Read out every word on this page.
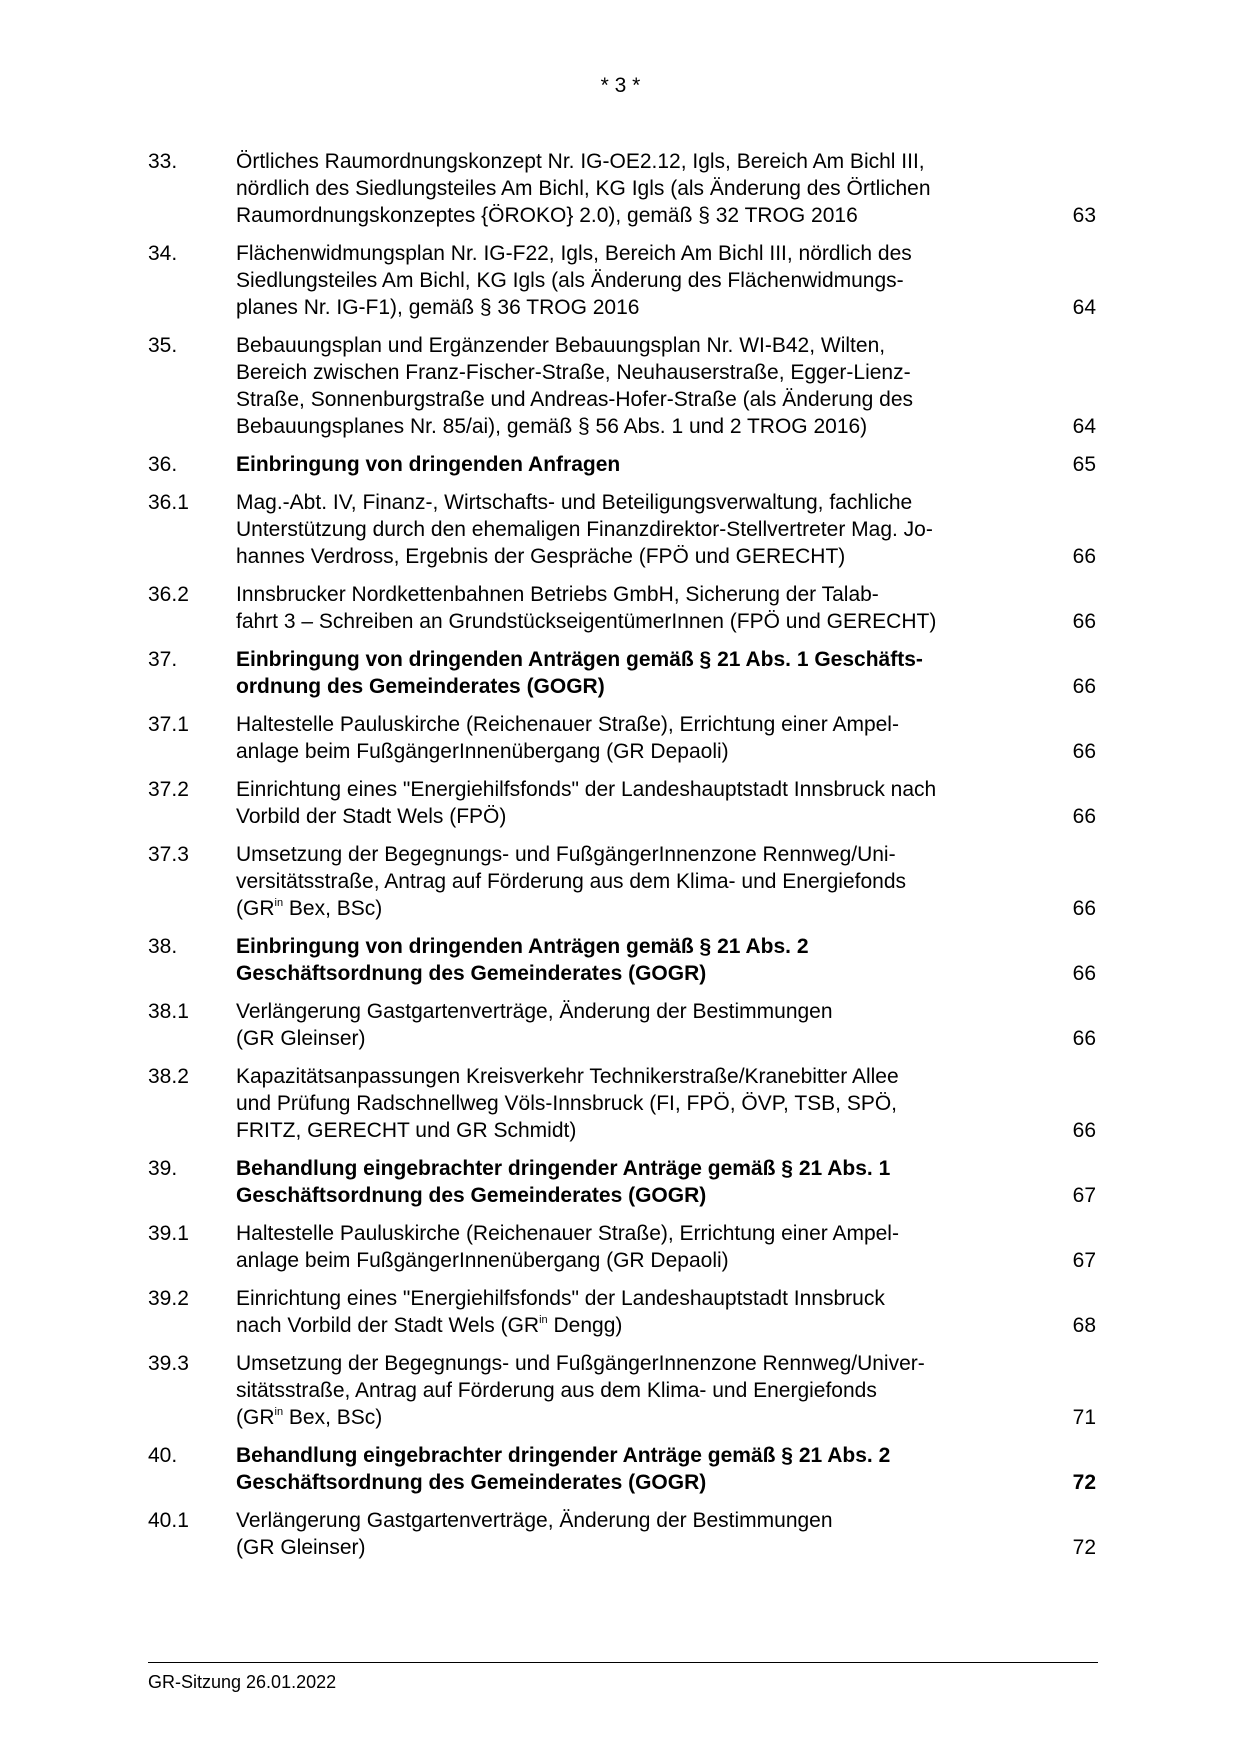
* 3 *
33.	Örtliches Raumordnungskonzept Nr. IG-OE2.12, Igls, Bereich Am Bichl III,
nördlich des Siedlungsteiles Am Bichl, KG Igls (als Änderung des Örtlichen
Raumordnungskonzeptes {ÖROKO} 2.0), gemäß § 32 TROG 2016	63
34.	Flächenwidmungsplan Nr. IG-F22, Igls, Bereich Am Bichl III, nördlich des
Siedlungsteiles Am Bichl, KG Igls (als Änderung des Flächenwidmungs-
planes Nr. IG-F1), gemäß § 36 TROG 2016	64
35.	Bebauungsplan und Ergänzender Bebauungsplan Nr. WI-B42, Wilten,
Bereich zwischen Franz-Fischer-Straße, Neuhauserstraße, Egger-Lienz-
Straße, Sonnenburgstraße und Andreas-Hofer-Straße (als Änderung des
Bebauungsplanes Nr. 85/ai), gemäß § 56 Abs. 1 und 2 TROG 2016)	64
36.	Einbringung von dringenden Anfragen	65
36.1 Mag.-Abt. IV, Finanz-, Wirtschafts- und Beteiligungsverwaltung, fachliche
Unterstützung durch den ehemaligen Finanzdirektor-Stellvertreter Mag. Jo-
hannes Verdross, Ergebnis der Gespräche (FPÖ und GERECHT)	66
36.2 Innsbrucker Nordkettenbahnen Betriebs GmbH, Sicherung der Talab-
fahrt 3 – Schreiben an GrundstückseigentümerInnen (FPÖ und GERECHT)	66
37.	Einbringung von dringenden Anträgen gemäß § 21 Abs. 1 Geschäfts-
ordnung des Gemeinderates (GOGR)	66
37.1 Haltestelle Pauluskirche (Reichenauer Straße), Errichtung einer Ampel-
anlage beim FußgängerInnenübergang (GR Depaoli)	66
37.2 Einrichtung eines "Energiehilfsfonds" der Landeshauptstadt Innsbruck nach
Vorbild der Stadt Wels (FPÖ)	66
37.3 Umsetzung der Begegnungs- und FußgängerInnenzone Rennweg/Uni-
versitätsstraße, Antrag auf Förderung aus dem Klima- und Energiefonds
($GR^{in}$ Bex, BSc)	66
38.	Einbringung von dringenden Anträgen gemäß § 21 Abs. 2
Geschäftsordnung des Gemeinderates (GOGR)	66
38.1 Verlängerung Gastgartenverträge, Änderung der Bestimmungen
(GR Gleinser)	66
38.2 Kapazitätsanpassungen Kreisverkehr Technikerstraße/Kranebitter Allee
und Prüfung Radschnellweg Völs-Innsbruck (FI, FPÖ, ÖVP, TSB, SPÖ,
FRITZ, GERECHT und GR Schmidt)	66
39.	Behandlung eingebrachter dringender Anträge gemäß § 21 Abs. 1
Geschäftsordnung des Gemeinderates (GOGR)	67
39.1 Haltestelle Pauluskirche (Reichenauer Straße), Errichtung einer Ampel-
anlage beim FußgängerInnenübergang (GR Depaoli)	67
39.2 Einrichtung eines "Energiehilfsfonds" der Landeshauptstadt Innsbruck
nach Vorbild der Stadt Wels ($GR^{in}$ Dengg)	68
39.3 Umsetzung der Begegnungs- und FußgängerInnenzone Rennweg/Univer-
sitätsstraße, Antrag auf Förderung aus dem Klima- und Energiefonds
($GR^{in}$ Bex, BSc)	71
40.	Behandlung eingebrachter dringender Anträge gemäß § 21 Abs. 2
Geschäftsordnung des Gemeinderates (GOGR)	72
40.1 Verlängerung Gastgartenverträge, Änderung der Bestimmungen
(GR Gleinser)	72
GR-Sitzung 26.01.2022
